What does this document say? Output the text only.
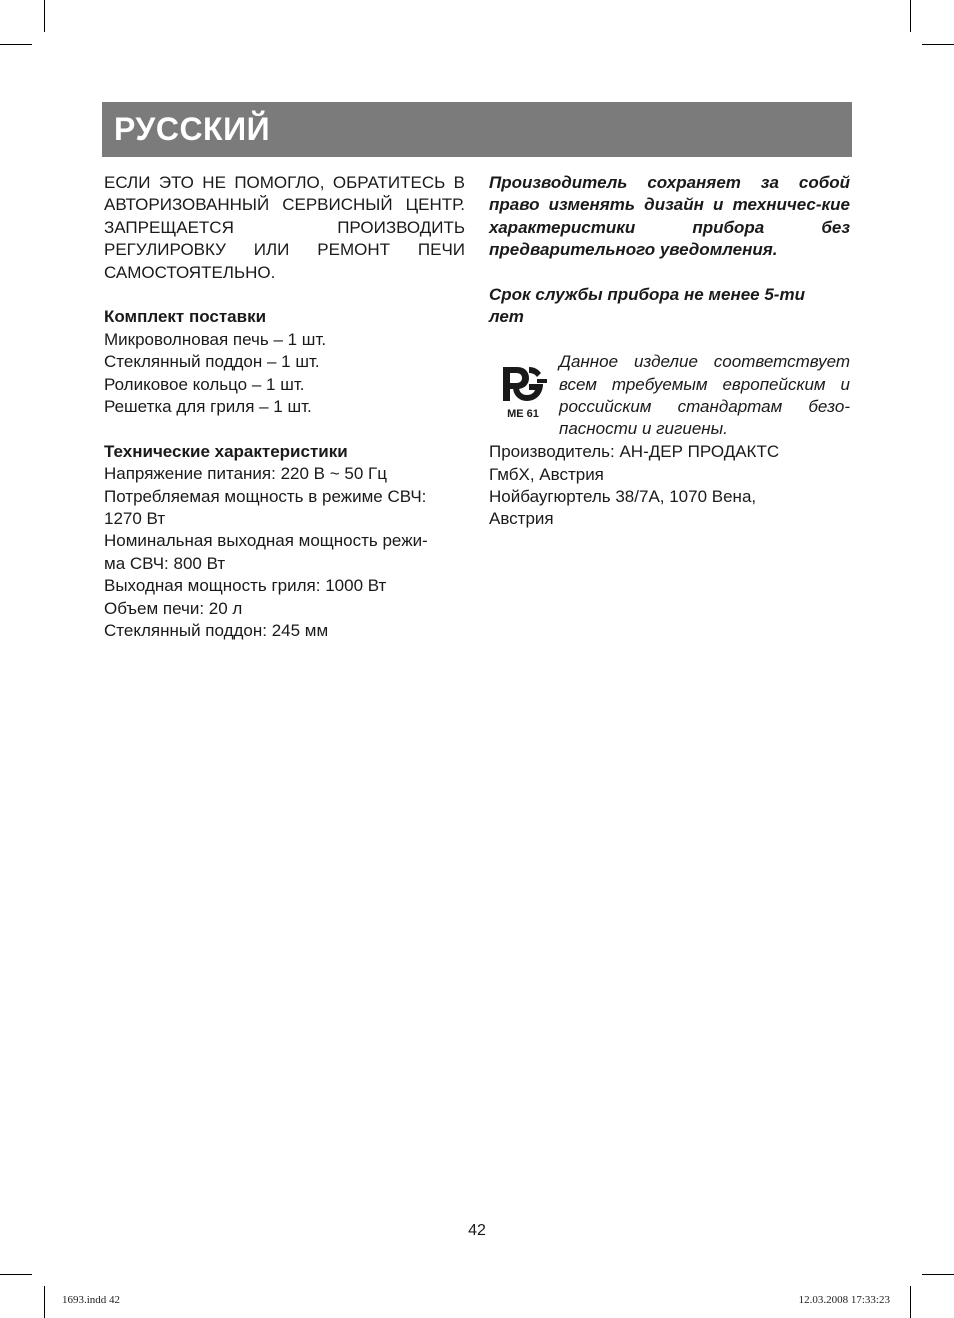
РУССКИЙ

ЕСЛИ ЭТО НЕ ПОМОГЛО, ОБРАТИТЕСЬ В АВТОРИЗОВАННЫЙ СЕРВИСНЫЙ ЦЕНТР. ЗАПРЕЩАЕТСЯ ПРОИЗВОДИТЬ РЕГУЛИРОВКУ ИЛИ РЕМОНТ ПЕЧИ САМОСТОЯТЕЛЬНО.

Комплект поставки
Микроволновая печь – 1 шт.
Стеклянный поддон – 1 шт.
Роликовое кольцо – 1 шт.
Решетка для гриля – 1 шт.
Технические характеристики
Напряжение питания: 220 В ~ 50 Гц
Потребляемая мощность в режиме СВЧ:
1270 Вт
Номинальная выходная мощность режи-
ма СВЧ: 800 Вт
Выходная мощность гриля: 1000 Вт
Объем печи: 20 л
Стеклянный поддон: 245 мм

Производитель сохраняет за собой право изменять дизайн и техничес-кие характеристики прибора без предварительного уведомления.

Срок службы прибора не менее 5-ти
лет
МЕ 61

Данное изделие соответствует всем требуемым европейским и российским стандартам безо-пасности и гигиены.

Производитель: АН-ДЕР ПРОДАКТС
ГмбХ, Австрия
Нойбаугюртель 38/7А, 1070 Вена,
Австрия
42
1693.indd 42	12.03.2008 17:33:23
